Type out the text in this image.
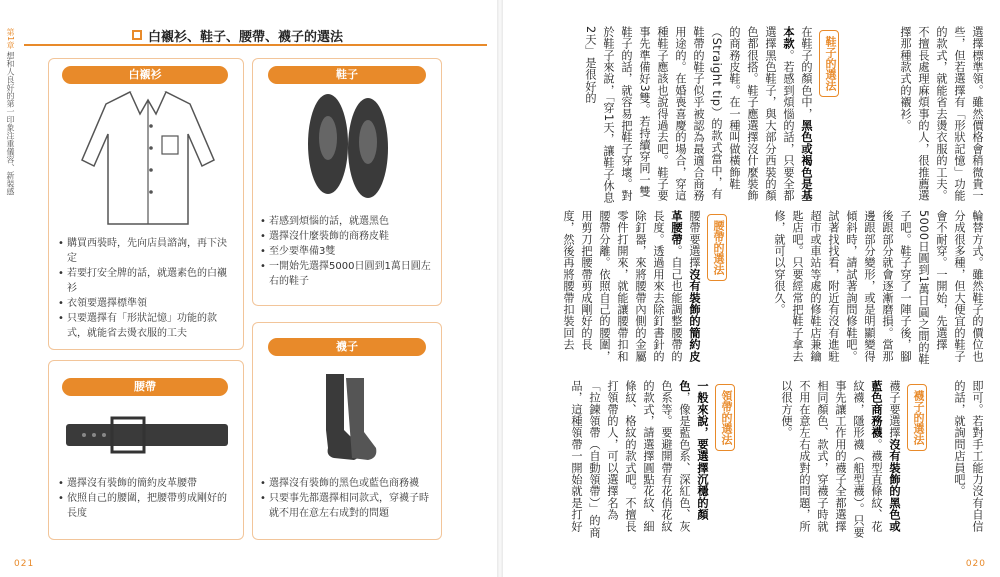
第1章 想和人良好的第一印象注重儀容、新裝感
白襯衫、鞋子、腰帶、襪子的選法
白襯衫
• 購買西裝時，先向店員諮詢，再下決定
• 若要打安全牌的話，就選素色的白襯衫
• 衣領要選擇標準領
• 只要選擇有「形狀記憶」功能的款式，就能省去燙衣服的工夫
鞋子
• 若感到煩惱的話，就選黑色
• 選擇沒什麼裝飾的商務皮鞋
• 至少要準備3雙
• 一開始先選擇5000日圓到1萬日圓左右的鞋子
腰帶
• 選擇沒有裝飾的簡約皮革腰帶
• 依照自己的腰圍，把腰帶剪成剛好的長度
襪子
• 選擇沒有裝飾的黑色或藍色商務襪
• 只要事先都選擇相同款式，穿襪子時就不用在意左右成對的問題
021
選擇標準領。雖然價格會稍微貴一些，但若選擇有「形狀記憶」功能的款式，就能省去燙衣服的工夫。不擅長處理麻煩事的人，很推薦選擇那種款式的襯衫。
鞋子的選法
在鞋子的顏色中，黑色或褐色是基本款。若感到煩惱的話，只要全都選擇黑色鞋子，與大部分西裝的顏色都很搭。鞋子應選擇沒什麼裝飾的商務皮鞋。在一種叫做橫飾鞋（Straight tip）的款式當中，有鞋帶的鞋子似乎被認為最適合商務用途的。在婚喪喜慶的場合，穿這種鞋子應該也說得過去吧。鞋子要事先準備好3雙。若持續穿同一雙鞋子的話，就容易把鞋子穿壞。對於鞋子來說，「穿1天，讓鞋子休息2天」是很好的
輪替方式。雖然鞋子的價位也分成很多種，但大便宜的鞋子會不耐穿。一開始，先選擇5000日圓到1萬日圓之間的鞋子吧。鞋子穿了一陣子後，腳後跟部分就會逐漸磨損。當那邊跟部分變形，或是明顯變得傾斜時，請試著詢問修鞋吧。試著找找看，附近有沒有進駐超市或車站等處的修鞋店兼鑰匙店吧。只要經常把鞋子拿去修，就可以穿很久。
腰帶的選法
腰帶要選擇沒有裝飾的簡約皮革腰帶。自己也能調整腰帶的長度。透過用來去除釘書針的除釘器，來將腰帶內側的金屬零件打開來，就能讓腰帶扣和腰帶分離。依照自己的腰圍，用剪刀把腰帶剪成剛好的長度，然後再將腰帶扣裝回去
即可。若對手工能力沒有自信的話，就詢問店員吧。
襪子的選法
襪子要選擇沒有裝飾的黑色或藍色商務襪。襪型直條紋、花紋襪，隱形襪（船型襪）。只要事先讓工作用的襪子全都選擇相同顏色、款式，穿襪子時就不用在意左右成對的問題，所以很方便。
領帶的選法
一般來說，要選擇沉穩的顏色，像是藍色系、深紅色、灰色系等。要避開帶有花俏花紋的款式，請選擇圓點花紋、細條紋、格紋的款式吧。不擅長打領帶的人，可以選擇名為「拉鍊領帶（自動領帶）」的商品，這種領帶一開始就是打好
020
